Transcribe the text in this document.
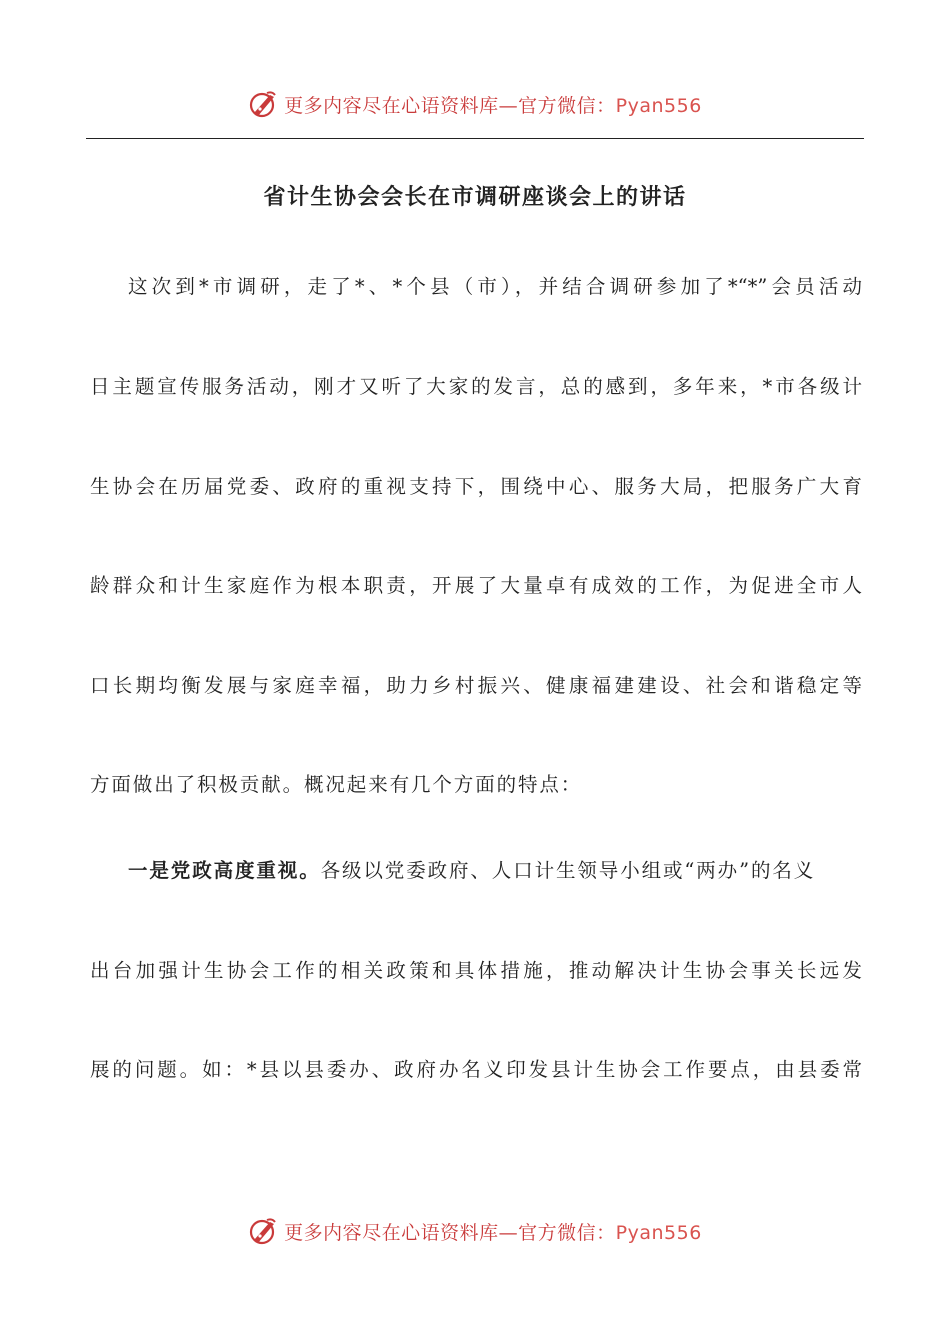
更多内容尽在心语资料库—官方微信：Pyan556
省计生协会会长在市调研座谈会上的讲话
这次到*市调研，走了*、*个县（市），并结合调研参加了*“*”会员活动
日主题宣传服务活动，刚才又听了大家的发言，总的感到，多年来，*市各级计
生协会在历届党委、政府的重视支持下，围绕中心、服务大局，把服务广大育
龄群众和计生家庭作为根本职责，开展了大量卓有成效的工作，为促进全市人
口长期均衡发展与家庭幸福，助力乡村振兴、健康福建建设、社会和谐稳定等
方面做出了积极贡献。概况起来有几个方面的特点：
一是党政高度重视。各级以党委政府、人口计生领导小组或“两办”的名义
出台加强计生协会工作的相关政策和具体措施，推动解决计生协会事关长远发
展的问题。如：*县以县委办、政府办名义印发县计生协会工作要点，由县委常
更多内容尽在心语资料库—官方微信：Pyan556
